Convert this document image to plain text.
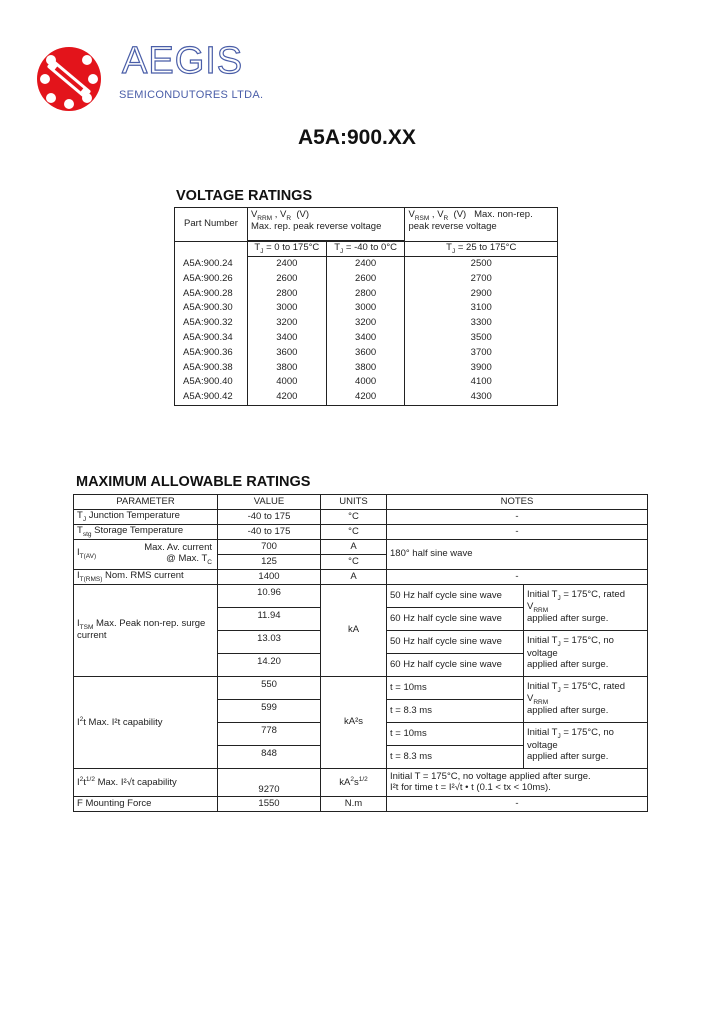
AEGIS
SEMICONDUTORES LTDA.
A5A:900.XX
VOLTAGE RATINGS
Part Number	$V_{RRM}$ , $V_R$  (V)
Max. rep. peak reverse voltage		$V_{RSM}$ , $V_R$  (V)   Max. non-rep. peak reverse voltage

	$T_J = 0$ to 175°C	$T_J = -40$ to 0°C	$T_J = 25$ to 175°C
A5A:900.24	2400	2400	2500
A5A:900.26	2600	2600	2700
A5A:900.28	2800	2800	2900
A5A:900.30	3000	3000	3100
A5A:900.32	3200	3200	3300
A5A:900.34	3400	3400	3500
A5A:900.36	3600	3600	3700
A5A:900.38	3800	3800	3900
A5A:900.40	4000	4000	4100
A5A:900.42	4200	4200	4300
MAXIMUM ALLOWABLE RATINGS
PARAMETER	VALUE	UNITS	NOTES	
$T_J$ Junction Temperature	-40 to 175	°C	-	
$T_{stg}$ Storage Temperature	-40 to 175	°C	-	

$I_{T(AV)}$
Max. Av. current
@ Max. $T_C$	700	A	180° half sine wave	
	125	°C		
$I_{T(RMS)}$ Nom. RMS current	1400	A	-	
$I_{TSM}$ Max. Peak non-rep. surge current	10.96	kA	50 Hz half cycle sine wave	Initial $T_J = 175^\circ C$, rated $V_{RRM}$
applied after surge.
	11.94		60 Hz half cycle sine wave	
	13.03		50 Hz half cycle sine wave	Initial $T_J = 175^\circ C$, no voltage
applied after surge.
	14.20		60 Hz half cycle sine wave	
$I^2t$ Max. I²t capability	550	kA²s	t = 10ms	Initial $T_J = 175^\circ C$, rated $V_{RRM}$
applied after surge.
	599		t = 8.3 ms	
	778		t = 10ms	Initial $T_J = 175^\circ C$, no voltage
applied after surge.
	848		t = 8.3 ms	
$I^2t^{1/2}$ Max. I²√t capability	9270	$kA^2s^{1/2}$	Initial T = 175°C, no voltage applied after surge.
I²t for time t = I²√t • t (0.1 < tx < 10ms).	
F Mounting Force	1550	N.m	-	
